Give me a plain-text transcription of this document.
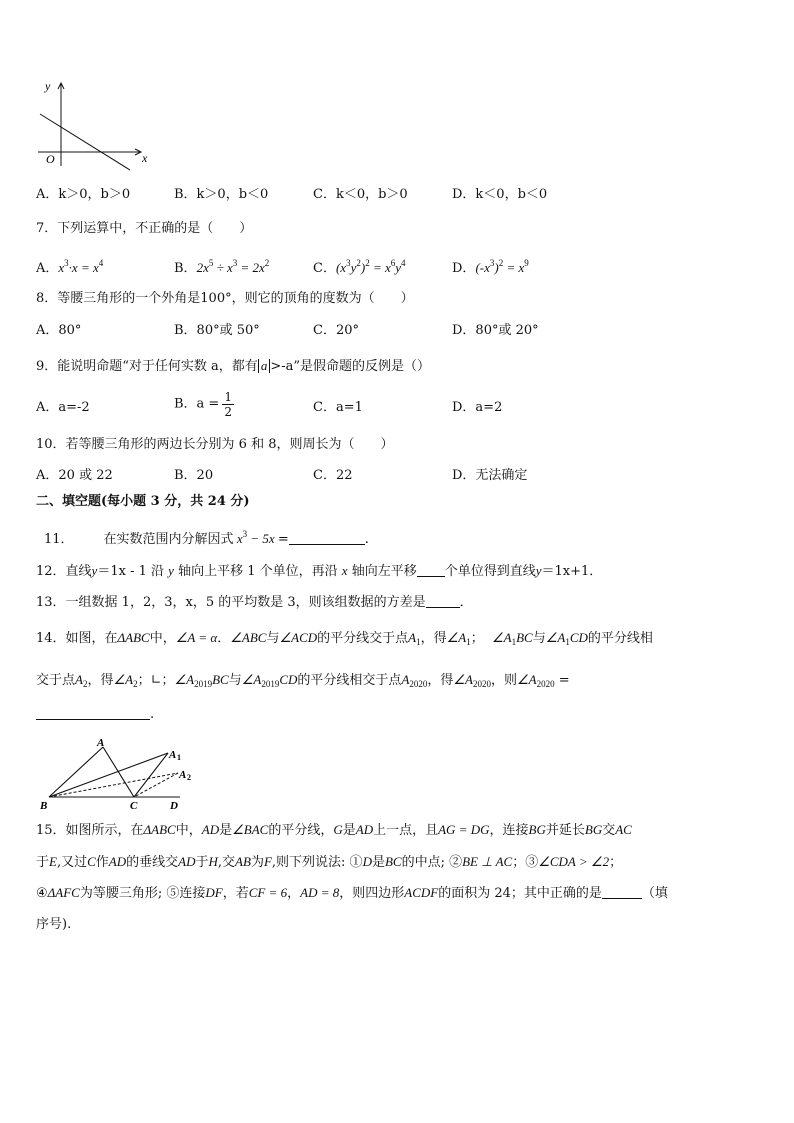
y
x
O
A．k＞0，b＞0	B．k＞0，b＜0	C．k＜0，b＞0	D．k＜0，b＜0
7．下列运算中，不正确的是（　　）
A．$x^3\cdot x = x^4$	B．$2x^5 \div x^3 = 2x^2$	C．$(x^3y^2)^2 = x^6y^4$	D．$(-x^3)^2 = x^9$
8．等腰三角形的一个外角是100°，则它的顶角的度数为（　　）
A．80°	B．80°或 50°	C．20°	D．80°或 20°
9．能说明命题“对于任何实数 a，都有 a >-a”是假命题的反例是（）
A．a=-2	B．$a = \frac{1}{2}$	C．a=1	D．a=2
10．若等腰三角形的两边长分别为 6 和 8，则周长为（　　）
A．20 或 22	B．20	C．22	D．无法确定
二、填空题(每小题 3 分，共 24 分)
11． 在实数范围内分解因式 $x^3 - 5x$ =	.
12．直线y＝1x - 1 沿 y 轴向上平移 1 个单位，再沿 x 轴向左平移 个单位得到直线y＝1x+1．
13．一组数据 1，2，3，x，5 的平均数是 3，则该组数据的方差是	．
14．如图，在ΔABC中，∠A = α．∠ABC与∠ACD的平分线交于点$A_1$，得$\angle A_1$； $\angle A_1BC$与$\angle A_1CD$的平分线相
交于点$A_2$，得$\angle A_2$；∟；$\angle A_{2019}BC$与$\angle A_{2019}CD$的平分线相交于点$A_{2020}$，得$\angle A_{2020}$，则$\angle A_{2020}$ =
.
A
A 1
A 2
B	C	D
15．如图所示，在ΔABC中，AD是∠BAC的平分线，G是AD上一点，且AG = DG，连接BG并延长BG交AC
于E,又过C作AD的垂线交AD于H,交AB为F,则下列说法: ①D是BC的中点; ②BE ⊥ AC；③∠CDA > ∠2；
④ΔAFC为等腰三角形; ⑤连接DF，若CF = 6，AD = 8，则四边形ACDF的面积为 24；其中正确的是	（填
序号).
